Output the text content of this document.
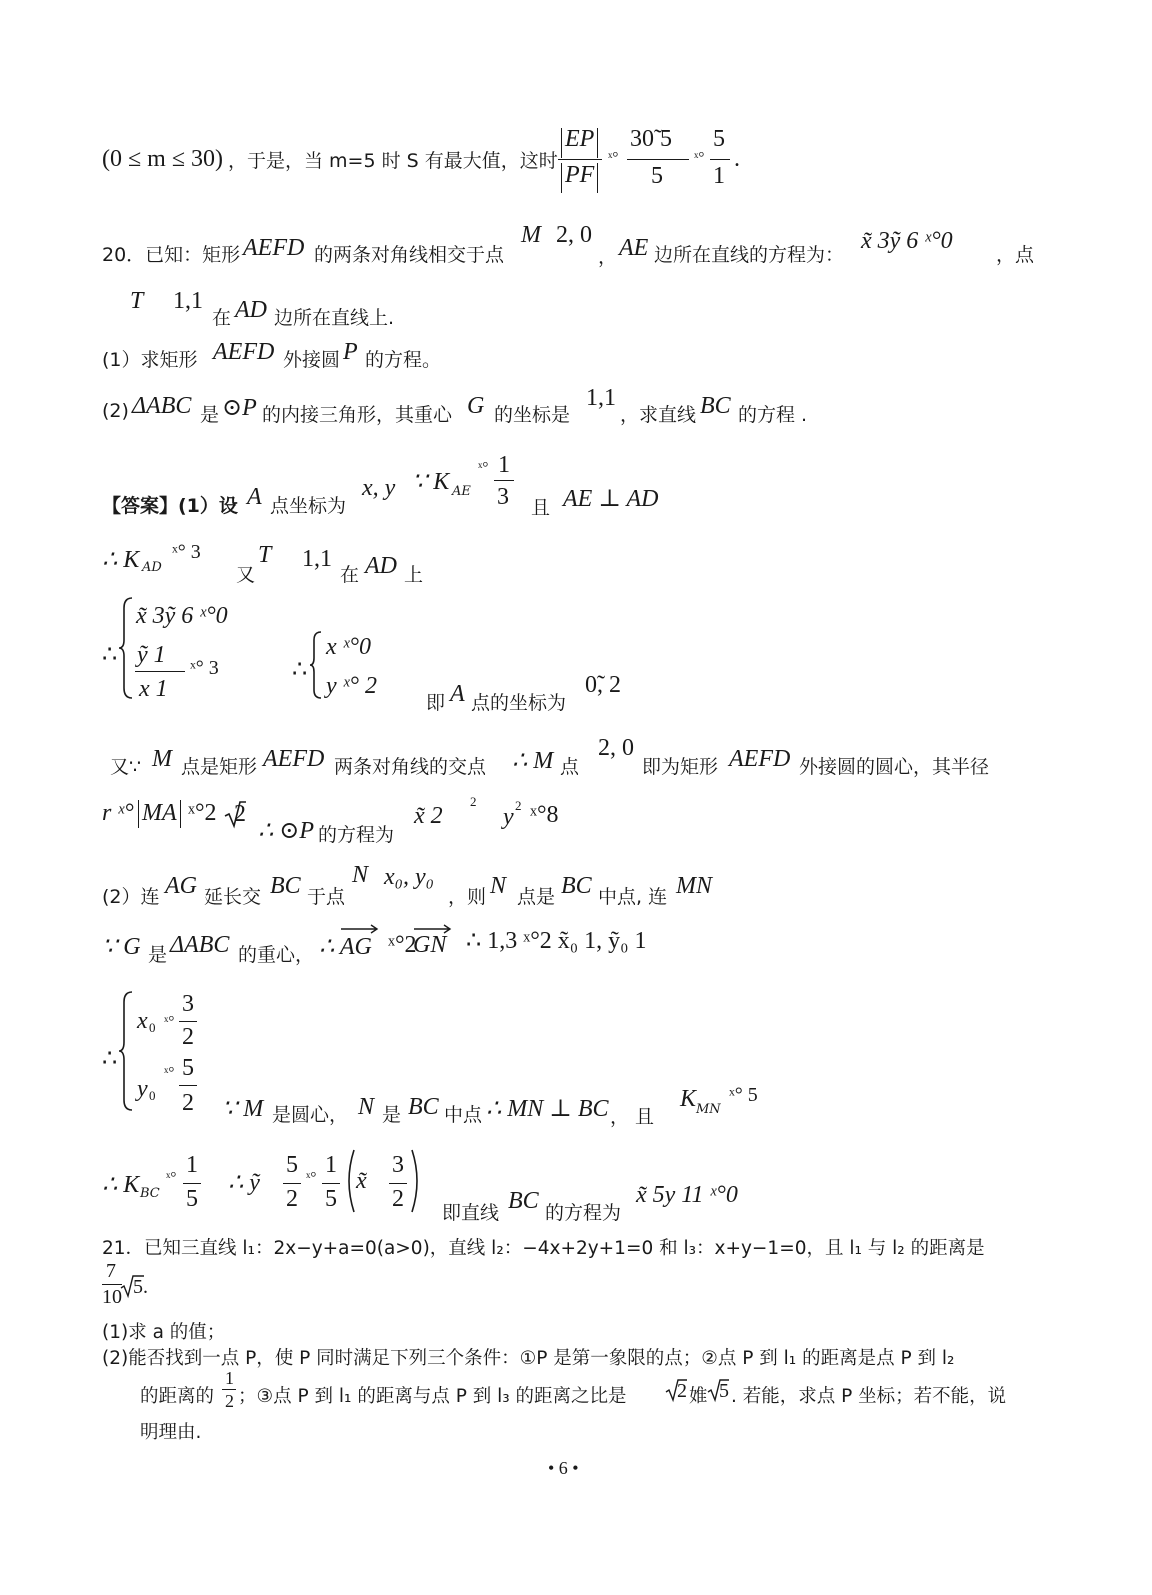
(0 ≤ m ≤ 30) ，于是，当 m=5 时 S 有最大值，这时
EP
PF
ˣ°
30̃ 5
5
ˣ°
5
1
.
20．已知：矩形 AEFD 的两条对角线相交于点
M 2, 0
， AE 边所在直线的方程为：
x̃ 3ỹ 6 ˣ°0
，点
T 1,1
在 AD 边所在直线上.
(1）求矩形 AEFD 外接圆 P 的方程。
(2) ΔABC 是 ⊙P 的内接三角形，其重心 G 的坐标是
1,1
，求直线 BC 的方程 .
【答案】(1）设 A 点坐标为
x, y ∵ K AE
ˣ° 1
3 且 AE ⊥ AD
∴ K AD
ˣ° 3
又
T 1,1
在 AD 上
∴
x̃ 3ỹ 6 ˣ°0
ỹ 1
x 1
ˣ° 3	∴
x ˣ°0
y ˣ° 2
即 A 点的坐标为
0̃, 2
又∵ M 点是矩形 AEFD 两条对角线的交点 ∴ M 点
2, 0
即为矩形 AEFD 外接圆的圆心，其半径
r ˣ° MA ˣ°2 2
∴ ⊙P 的方程为
x̃ 2
2
y 2 ˣ°8
(2）连 AG 延长交 BC 于点
N x₀, y₀
，则 N 点是 BC 中点, 连 MN
∵ G 是 ΔABC 的重心， ∴ AG ˣ°2
GN ∴ 1,3 ˣ°2 x̃₀ 1, ỹ₀ 1
∴
x 0 ˣ°
3
2
y 0
ˣ° 5
2 ∵ M 是圆心， N 是 BC 中点 ∴ MN ⊥ BC ， 且
K MN
ˣ° 5
∴ K BC
ˣ° 1
5
∴ ỹ
5
2
ˣ° 1
5
x̃
3
2
即直线 BC 的方程为
x̃ 5y 11 ˣ°0
21．已知三直线 l₁：2x−y+a=0(a>0)，直线 l₂：−4x+2y+1=0 和 l₃：x+y−1=0，且 l₁ 与 l₂ 的距离是
7
10 5.
(1)求 a 的值；
(2)能否找到一点 P，使 P 同时满足下列三个条件：①P 是第一象限的点；②点 P 到 l₁ 的距离是点 P 到 l₂
的距离的
1
2 ；③点 P 到 l₁ 的距离与点 P 到 l₃ 的距离之比是	2 婎 5 . 若能，求点 P 坐标；若不能，说
明理由.
• 6 •
